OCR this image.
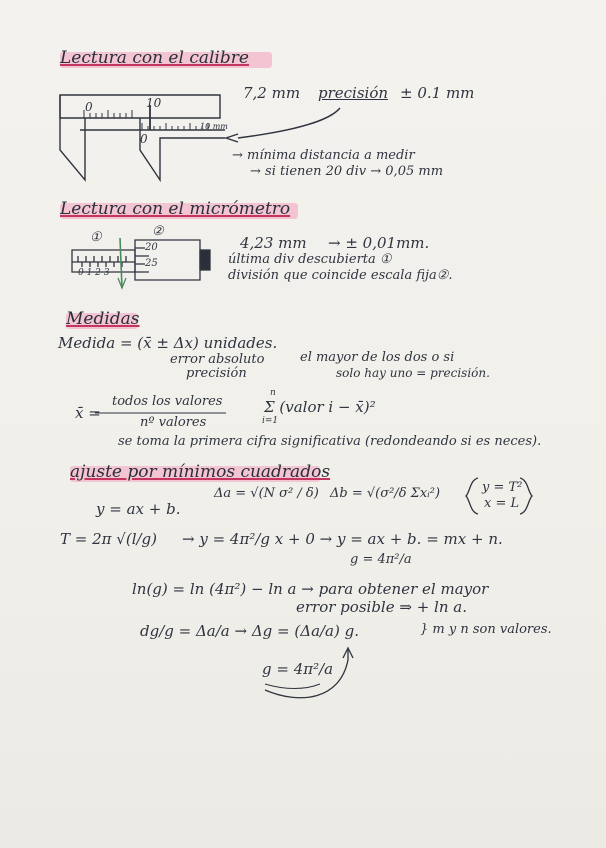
Lectura con el calibre
0	10
0
10 mm
7,2 mm precisión ± 0.1 mm
→ mínima distancia a medir
→ si tienen 20 div → 0,05 mm
Lectura con el micrómetro
①	②
20
25
0 1 2 3
4,23 mm → ± 0,01mm.
última div descubierta ①
división que coincide escala fija②.
Medidas
Medida = (x̄ ± Δx) unidades.
error absoluto
precisión
el mayor de los dos o si
solo hay uno = precisión.
x̄ =
todos los valores
nº valores
n
Σ (valor i − x̄)²
i=1
se toma la primera cifra significativa (redondeando si es neces).
ajuste por mínimos cuadrados
y = ax + b.
Δa = √(N σ² / δ) Δb = √(σ²/δ Σxᵢ²)	y = T²
x = L
T = 2π √(l/g) → y = 4π²/g x + 0 → y = ax + b. = mx + n.
g = 4π²/a
ln(g) = ln (4π²) − ln a → para obtener el mayor
error posible ⇒ + ln a.
dg/g = Δa/a → Δg = (Δa/a) g.	} m y n son valores.
g = 4π²/a
